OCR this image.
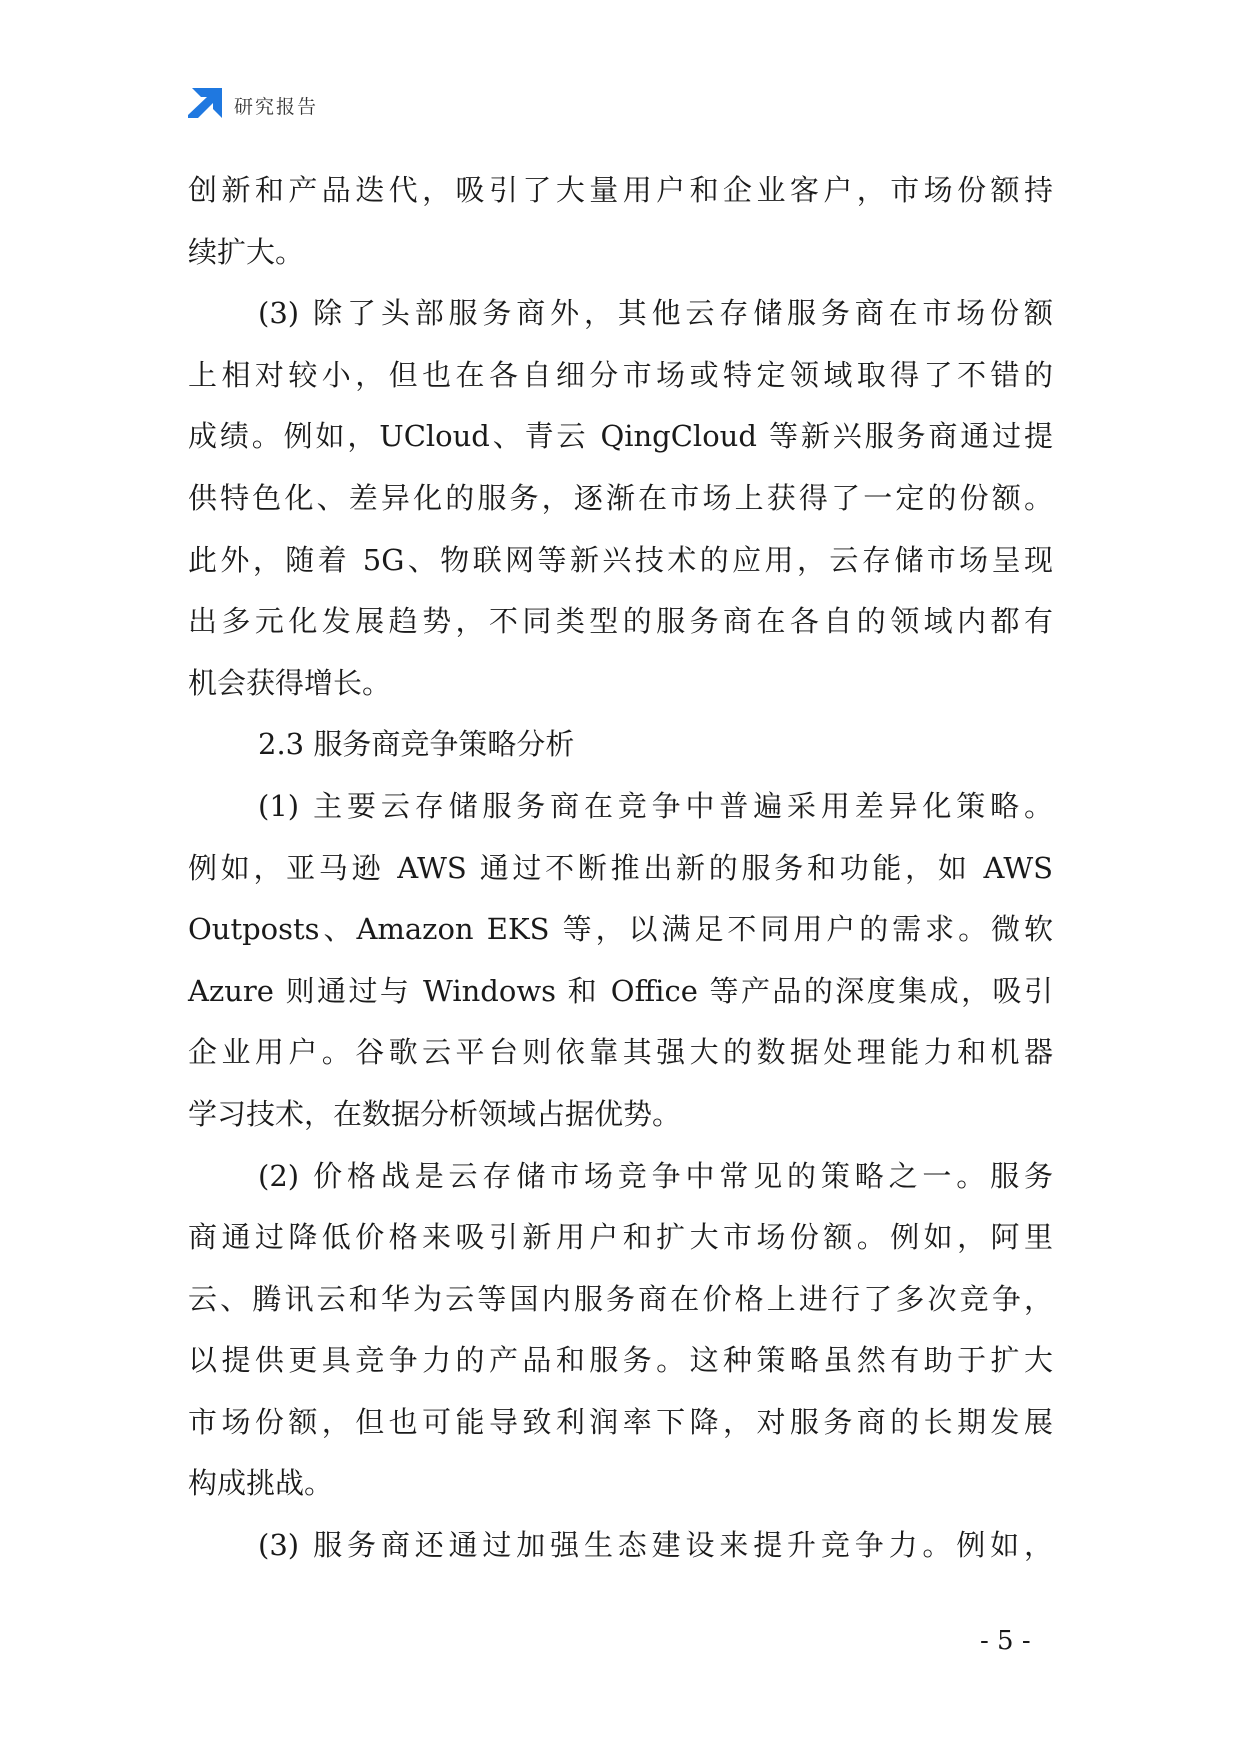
研究报告
创新和产品迭代，吸引了大量用户和企业客户，市场份额持
续扩大。
(3) 除了头部服务商外，其他云存储服务商在市场份额
上相对较小，但也在各自细分市场或特定领域取得了不错的
成绩。例如，UCloud、青云 QingCloud 等新兴服务商通过提
供特色化、差异化的服务，逐渐在市场上获得了一定的份额。
此外，随着 5G、物联网等新兴技术的应用，云存储市场呈现
出多元化发展趋势，不同类型的服务商在各自的领域内都有
机会获得增长。
2.3 服务商竞争策略分析
(1) 主要云存储服务商在竞争中普遍采用差异化策略。
例如，亚马逊 AWS 通过不断推出新的服务和功能，如 AWS
Outposts、Amazon EKS 等，以满足不同用户的需求。微软
Azure 则通过与 Windows 和 Office 等产品的深度集成，吸引
企业用户。谷歌云平台则依靠其强大的数据处理能力和机器
学习技术，在数据分析领域占据优势。
(2) 价格战是云存储市场竞争中常见的策略之一。服务
商通过降低价格来吸引新用户和扩大市场份额。例如，阿里
云、腾讯云和华为云等国内服务商在价格上进行了多次竞争，
以提供更具竞争力的产品和服务。这种策略虽然有助于扩大
市场份额，但也可能导致利润率下降，对服务商的长期发展
构成挑战。
(3) 服务商还通过加强生态建设来提升竞争力。例如，
- 5 -
